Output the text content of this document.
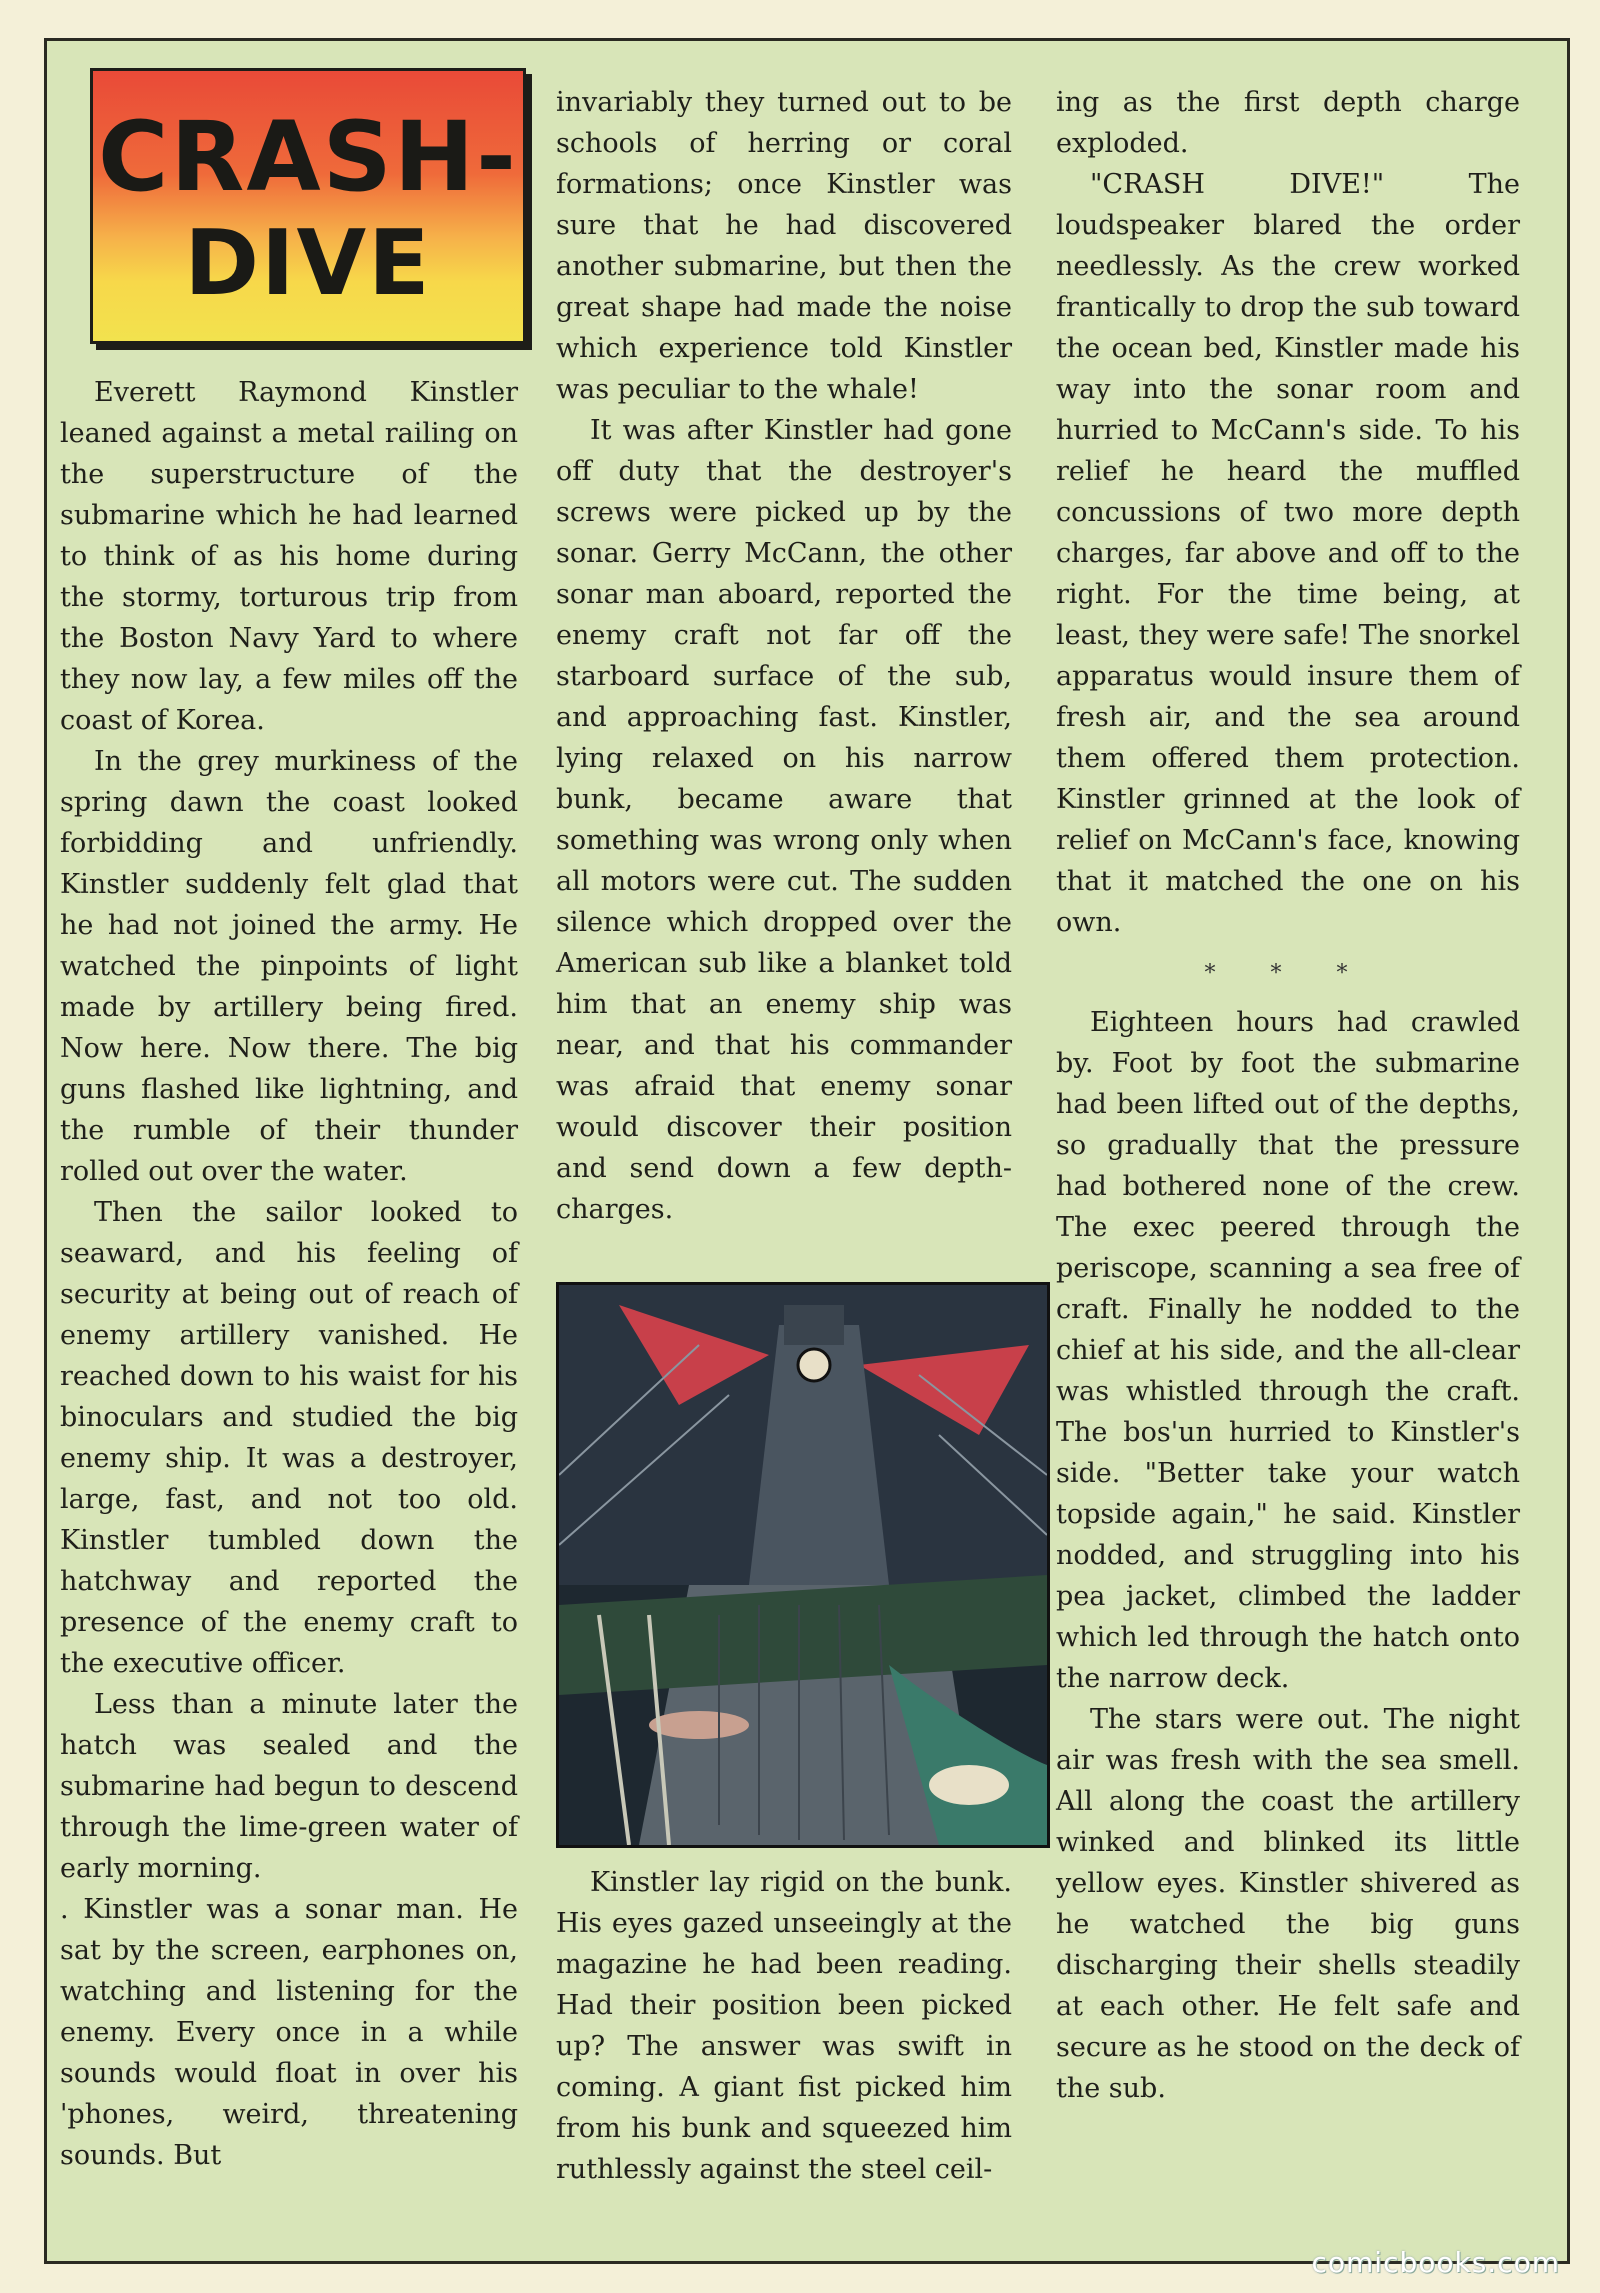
CRASH-
DIVE

Everett Raymond Kinstler leaned against a metal railing on the superstructure of the submarine which he had learned to think of as his home during the stormy, torturous trip from the Boston Navy Yard to where they now lay, a few miles off the coast of Korea.

In the grey murkiness of the spring dawn the coast looked forbidding and unfriendly. Kinstler suddenly felt glad that he had not joined the army. He watched the pinpoints of light made by artillery being fired. Now here. Now there. The big guns flashed like lightning, and the rumble of their thunder rolled out over the water.

Then the sailor looked to seaward, and his feeling of security at being out of reach of enemy artillery vanished. He reached down to his waist for his binoculars and studied the big enemy ship. It was a destroyer, large, fast, and not too old. Kinstler tumbled down the hatchway and reported the presence of the enemy craft to the executive officer.

Less than a minute later the hatch was sealed and the submarine had begun to descend through the lime-green water of early morning.

. Kinstler was a sonar man. He sat by the screen, earphones on, watching and listening for the enemy. Every once in a while sounds would float in over his 'phones, weird, threatening sounds. But

invariably they turned out to be schools of herring or coral formations; once Kinstler was sure that he had discovered another submarine, but then the great shape had made the noise which experience told Kinstler was peculiar to the whale!

It was after Kinstler had gone off duty that the destroyer's screws were picked up by the sonar. Gerry McCann, the other sonar man aboard, reported the enemy craft not far off the starboard surface of the sub, and approaching fast. Kinstler, lying relaxed on his narrow bunk, became aware that something was wrong only when all motors were cut. The sudden silence which dropped over the American sub like a blanket told him that an enemy ship was near, and that his commander was afraid that enemy sonar would discover their position and send down a few depth-charges.

Kinstler lay rigid on the bunk. His eyes gazed unseeingly at the magazine he had been reading. Had their position been picked up? The answer was swift in coming. A giant fist picked him from his bunk and squeezed him ruthlessly against the steel ceil-

ing as the first depth charge exploded.

"CRASH DIVE!" The loudspeaker blared the order needlessly. As the crew worked frantically to drop the sub toward the ocean bed, Kinstler made his way into the sonar room and hurried to McCann's side. To his relief he heard the muffled concussions of two more depth charges, far above and off to the right. For the time being, at least, they were safe! The snorkel apparatus would insure them of fresh air, and the sea around them offered them protection. Kinstler grinned at the look of relief on McCann's face, knowing that it matched the one on his own.

* * *

Eighteen hours had crawled by. Foot by foot the submarine had been lifted out of the depths, so gradually that the pressure had bothered none of the crew. The exec peered through the periscope, scanning a sea free of craft. Finally he nodded to the chief at his side, and the all-clear was whistled through the craft. The bos'un hurried to Kinstler's side. "Better take your watch topside again," he said. Kinstler nodded, and struggling into his pea jacket, climbed the ladder which led through the hatch onto the narrow deck.

The stars were out. The night air was fresh with the sea smell. All along the coast the artillery winked and blinked its little yellow eyes. Kinstler shivered as he watched the big guns discharging their shells steadily at each other. He felt safe and secure as he stood on the deck of the sub.

comicbooks.com
